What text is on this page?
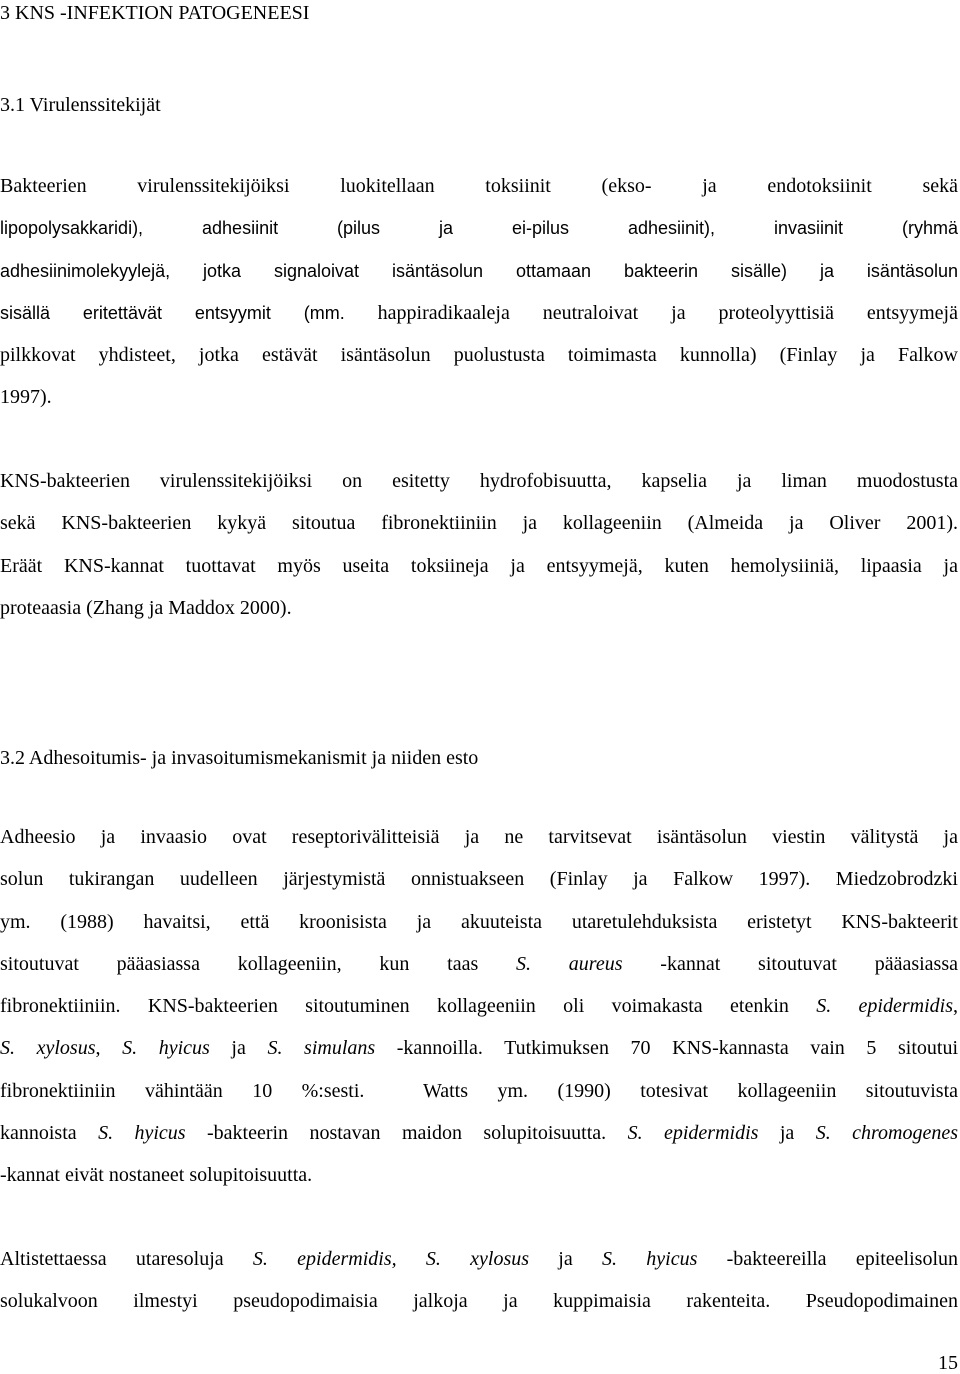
3 KNS -INFEKTION PATOGENEESI
3.1 Virulenssitekijät
Bakteerien virulenssitekijöiksi luokitellaan toksiinit (ekso- ja endotoksiinit sekä
lipopolysakkaridi), adhesiinit (pilus ja ei-pilus adhesiinit), invasiinit (ryhmä
adhesiinimolekyylejä, jotka signaloivat isäntäsolun ottamaan bakteerin sisälle) ja isäntäsolun
sisällä eritettävät entsyymit (mm. happiradikaaleja neutraloivat ja proteolyyttisiä entsyymejä
pilkkovat yhdisteet, jotka estävät isäntäsolun puolustusta toimimasta kunnolla) (Finlay ja Falkow
1997).
KNS-bakteerien virulenssitekijöiksi on esitetty hydrofobisuutta, kapselia ja liman muodostusta
sekä KNS-bakteerien kykyä sitoutua fibronektiiniin ja kollageeniin (Almeida ja Oliver 2001).
Eräät KNS-kannat tuottavat myös useita toksiineja ja entsyymejä, kuten hemolysiiniä, lipaasia ja
proteaasia (Zhang ja Maddox 2000).
3.2 Adhesoitumis- ja invasoitumismekanismit ja niiden esto
Adheesio ja invaasio ovat reseptorivälitteisiä ja ne tarvitsevat isäntäsolun viestin välitystä ja
solun tukirangan uudelleen järjestymistä onnistuakseen (Finlay ja Falkow 1997). Miedzobrodzki
ym. (1988) havaitsi, että kroonisista ja akuuteista utaretulehduksista eristetyt KNS-bakteerit
sitoutuvat pääasiassa kollageeniin, kun taas S. aureus -kannat sitoutuvat pääasiassa
fibronektiiniin. KNS-bakteerien sitoutuminen kollageeniin oli voimakasta etenkin S. epidermidis,
S. xylosus, S. hyicus ja S. simulans -kannoilla. Tutkimuksen 70 KNS-kannasta vain 5 sitoutui
fibronektiiniin vähintään 10 %:sesti.  Watts ym. (1990) totesivat kollageeniin sitoutuvista
kannoista S. hyicus -bakteerin nostavan maidon solupitoisuutta. S. epidermidis ja S. chromogenes
-kannat eivät nostaneet solupitoisuutta.
Altistettaessa utaresoluja S. epidermidis, S. xylosus ja S. hyicus -bakteereilla epiteelisolun
solukalvoon ilmestyi pseudopodimaisia jalkoja ja kuppimaisia rakenteita. Pseudopodimainen
15
